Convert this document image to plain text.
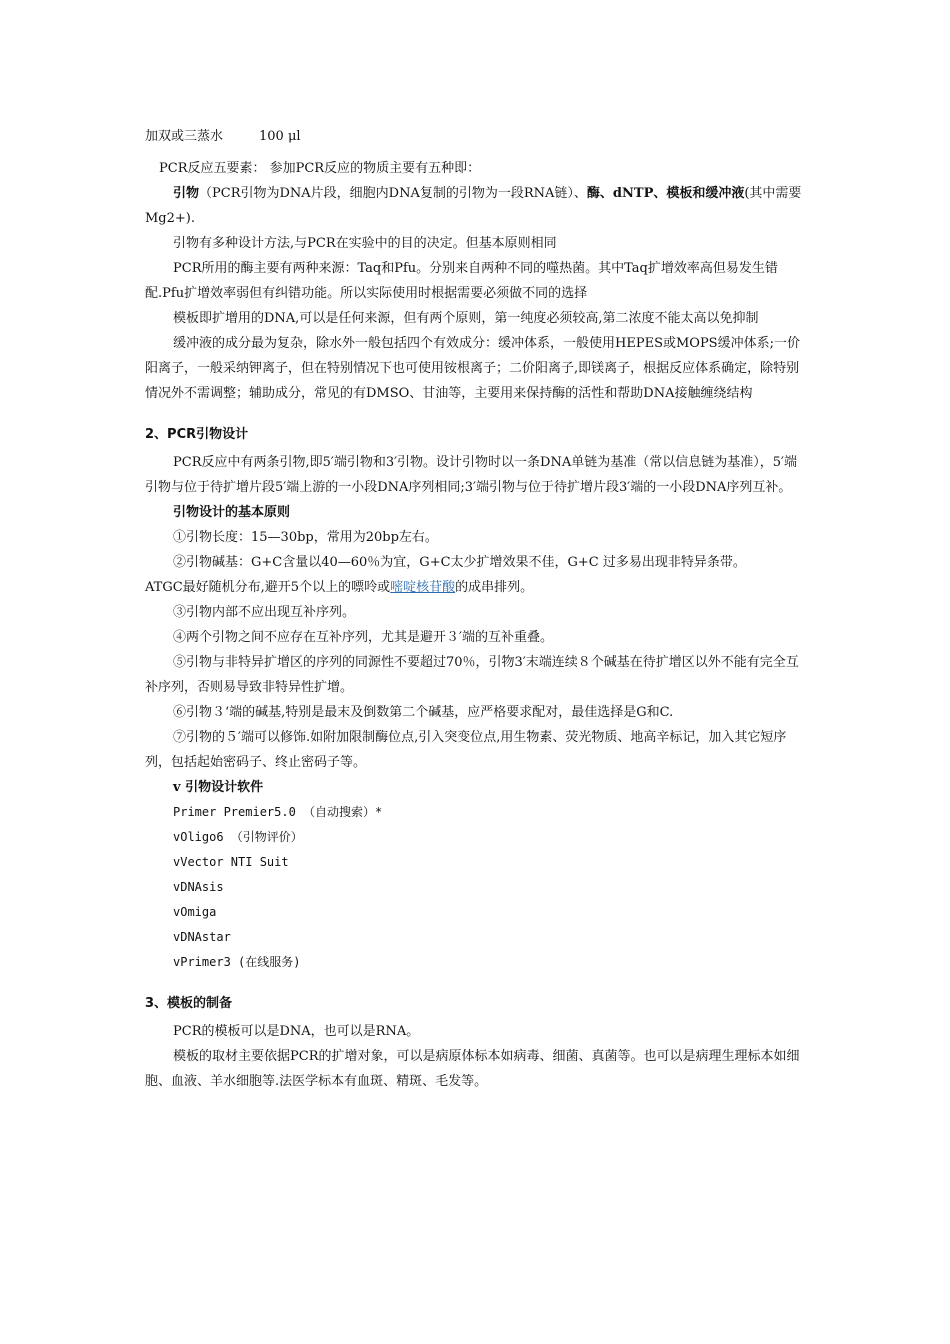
加双或三蒸水	100 μl

PCR反应五要素： 参加PCR反应的物质主要有五种即：

引物（PCR引物为DNA片段，细胞内DNA复制的引物为一段RNA链）、酶、dNTP、模板和缓冲液(其中需要Mg2+).

引物有多种设计方法,与PCR在实验中的目的决定。但基本原则相同

PCR所用的酶主要有两种来源：Taq和Pfu。分别来自两种不同的噬热菌。其中Taq扩增效率高但易发生错配.Pfu扩增效率弱但有纠错功能。所以实际使用时根据需要必须做不同的选择

模板即扩增用的DNA,可以是任何来源，但有两个原则，第一纯度必须较高,第二浓度不能太高以免抑制

缓冲液的成分最为复杂，除水外一般包括四个有效成分：缓冲体系，一般使用HEPES或MOPS缓冲体系;一价阳离子，一般采纳钾离子，但在特别情况下也可使用铵根离子；二价阳离子,即镁离子，根据反应体系确定，除特别情况外不需调整；辅助成分，常见的有DMSO、甘油等，主要用来保持酶的活性和帮助DNA接触缠绕结构

2、PCR引物设计

PCR反应中有两条引物,即5′端引物和3′引物。设计引物时以一条DNA单链为基准（常以信息链为基准），5′端引物与位于待扩增片段5′端上游的一小段DNA序列相同;3′端引物与位于待扩增片段3′端的一小段DNA序列互补。

引物设计的基本原则

①引物长度：15—30bp，常用为20bp左右。

②引物碱基：G+C含量以40—60％为宜，G+C太少扩增效果不佳，G+C 过多易出现非特异条带。

ATGC最好随机分布,避开5个以上的嘌呤或嘧啶核苷酸的成串排列。

③引物内部不应出现互补序列。

④两个引物之间不应存在互补序列，尤其是避开３′端的互补重叠。

⑤引物与非特异扩增区的序列的同源性不要超过70％，引物3′末端连续８个碱基在待扩增区以外不能有完全互补序列，否则易导致非特异性扩增。

⑥引物３‘端的碱基,特别是最末及倒数第二个碱基，应严格要求配对，最佳选择是G和C.

⑦引物的５′端可以修饰.如附加限制酶位点,引入突变位点,用生物素、荧光物质、地高辛标记，加入其它短序列，包括起始密码子、终止密码子等。

v 引物设计软件

Primer Premier5.0 （自动搜索）*

vOligo6 （引物评价）

vVector NTI Suit

vDNAsis

vOmiga

vDNAstar

vPrimer3 (在线服务)

3、模板的制备

PCR的模板可以是DNA，也可以是RNA。

模板的取材主要依据PCR的扩增对象，可以是病原体标本如病毒、细菌、真菌等。也可以是病理生理标本如细胞、血液、羊水细胞等.法医学标本有血斑、精斑、毛发等。
